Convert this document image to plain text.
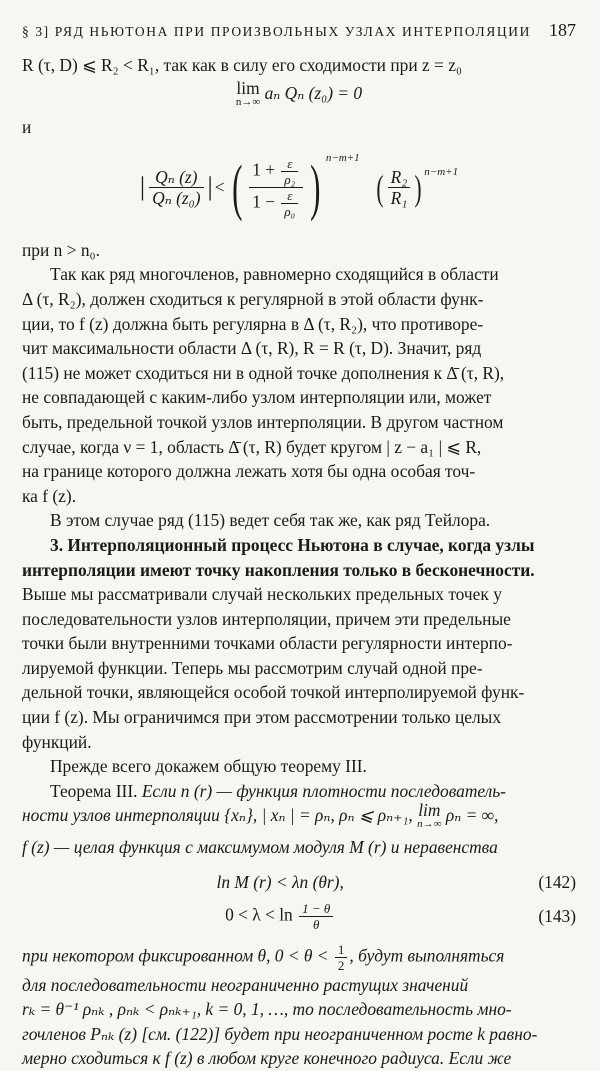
§ 3] РЯД НЬЮТОНА ПРИ ПРОИЗВОЛЬНЫХ УЗЛАХ ИНТЕРПОЛЯЦИИ 187

R (τ, D) ⩽ R₂ < R₁, так как в силу его сходимости при z = z₀

lim
n→∞ aₙ Qₙ (z₀) = 0

и

| $\frac{\text{Qₙ (z)}}{\text{Qₙ (z₀)}}$ | < ( $\frac{1 + \frac{\varepsilon}{\text{ρ₂}}}{1 - \frac{\varepsilon}{\text{ρ₀}}}$ ) n−m+1
( $\frac{\text{R₂}}{\text{R₁}}$ ) n−m+1

при n > n₀.

Так как ряд многочленов, равномерно сходящийся в области

Δ (τ, R₂), должен сходиться к регулярной в этой области функ-

ции, то f (z) должна быть регулярна в Δ (τ, R₂), что противоре-

чит максимальности области Δ (τ, R), R = R (τ, D). Значит, ряд

(115) не может сходиться ни в одной точке дополнения к Δ̄ (τ, R),

не совпадающей с каким-либо узлом интерполяции или, может

быть, предельной точкой узлов интерполяции. В другом частном

случае, когда ν = 1, область Δ̄ (τ, R) будет кругом | z − a₁ | ⩽ R,

на границе которого должна лежать хотя бы одна особая точ-

ка f (z).

В этом случае ряд (115) ведет себя так же, как ряд Тейлора.

3. Интерполяционный процесс Ньютона в случае, когда узлы

интерполяции имеют точку накопления только в бесконечности.

Выше мы рассматривали случай нескольких предельных точек у

последовательности узлов интерполяции, причем эти предельные

точки были внутренними точками области регулярности интерпо-

лируемой функции. Теперь мы рассмотрим случай одной пре-

дельной точки, являющейся особой точкой интерполируемой функ-

ции f (z). Мы ограничимся при этом рассмотрении только целых

функций.

Прежде всего докажем общую теорему III.

Теорема III. Если n (r) — функция плотности последователь-

ности узлов интерполяции {xₙ}, | xₙ | = ρₙ, ρₙ ⩽ ρₙ₊₁, lim
n→∞ ρₙ = ∞,

f (z) — целая функция с максимумом модуля M (r) и неравенства

ln M (r) < λn (θr),	(142)
$0 < \lambda < \ln \frac{1 - \theta}{\theta}$	(143)

при некотором фиксированном θ, $0 < \theta < \frac{1}{2}$ , будут выполняться

для последовательности неограниченно растущих значений

rₖ = θ⁻¹ ρₙₖ , ρₙₖ < ρₙₖ₊₁, k = 0, 1, …, то последовательность мно-

гочленов Pₙₖ (z) [см. (122)] будет при неограниченном росте k равно-

мерно сходиться к f (z) в любом круге конечного радиуса. Если же
